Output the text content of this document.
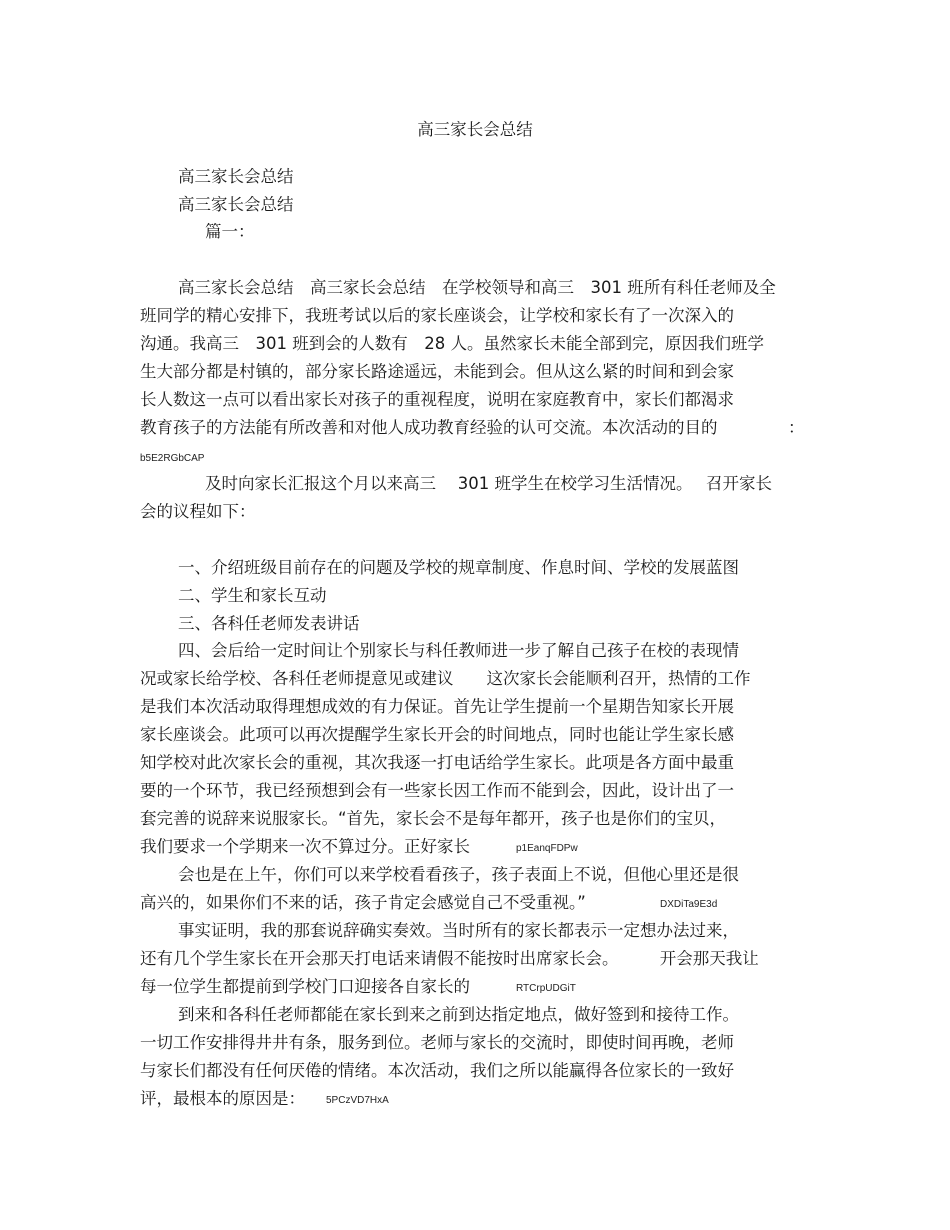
高三家长会总结
高三家长会总结
高三家长会总结
篇一：
高三家长会总结　高三家长会总结　在学校领导和高三　301 班所有科任老师及全
班同学的精心安排下，我班考试以后的家长座谈会，让学校和家长有了一次深入的
沟通。我高三　301 班到会的人数有　28 人。虽然家长未能全部到完，原因我们班学
生大部分都是村镇的，部分家长路途遥远，未能到会。但从这么紧的时间和到会家
长人数这一点可以看出家长对孩子的重视程度，说明在家庭教育中，家长们都渴求
教育孩子的方法能有所改善和对他人成功教育经验的认可交流。本次活动的目的	：
b5E2RGbCAP
及时向家长汇报这个月以来高三　 301 班学生在校学习生活情况。　 召开家长
会的议程如下：
一、介绍班级目前存在的问题及学校的规章制度、作息时间、学校的发展蓝图
二、学生和家长互动
三、各科任老师发表讲话
四、会后给一定时间让个别家长与科任教师进一步了解自己孩子在校的表现情
况或家长给学校、各科任老师提意见或建议　　这次家长会能顺利召开，热情的工作
是我们本次活动取得理想成效的有力保证。首先让学生提前一个星期告知家长开展
家长座谈会。此项可以再次提醒学生家长开会的时间地点，同时也能让学生家长感
知学校对此次家长会的重视，其次我逐一打电话给学生家长。此项是各方面中最重
要的一个环节，我已经预想到会有一些家长因工作而不能到会，因此，设计出了一
套完善的说辞来说服家长。“首先，家长会不是每年都开，孩子也是你们的宝贝，
我们要求一个学期来一次不算过分。正好家长	p1EanqFDPw
会也是在上午，你们可以来学校看看孩子，孩子表面上不说，但他心里还是很
高兴的，如果你们不来的话，孩子肯定会感觉自己不受重视。”	DXDiTa9E3d
事实证明，我的那套说辞确实奏效。当时所有的家长都表示一定想办法过来，
还有几个学生家长在开会那天打电话来请假不能按时出席家长会。　　　开会那天我让
每一位学生都提前到学校门口迎接各自家长的	RTCrpUDGiT
到来和各科任老师都能在家长到来之前到达指定地点，做好签到和接待工作。
一切工作安排得井井有条，服务到位。老师与家长的交流时，即使时间再晚，老师
与家长们都没有任何厌倦的情绪。本次活动，我们之所以能赢得各位家长的一致好
评，最根本的原因是： 5PCzVD7HxA
